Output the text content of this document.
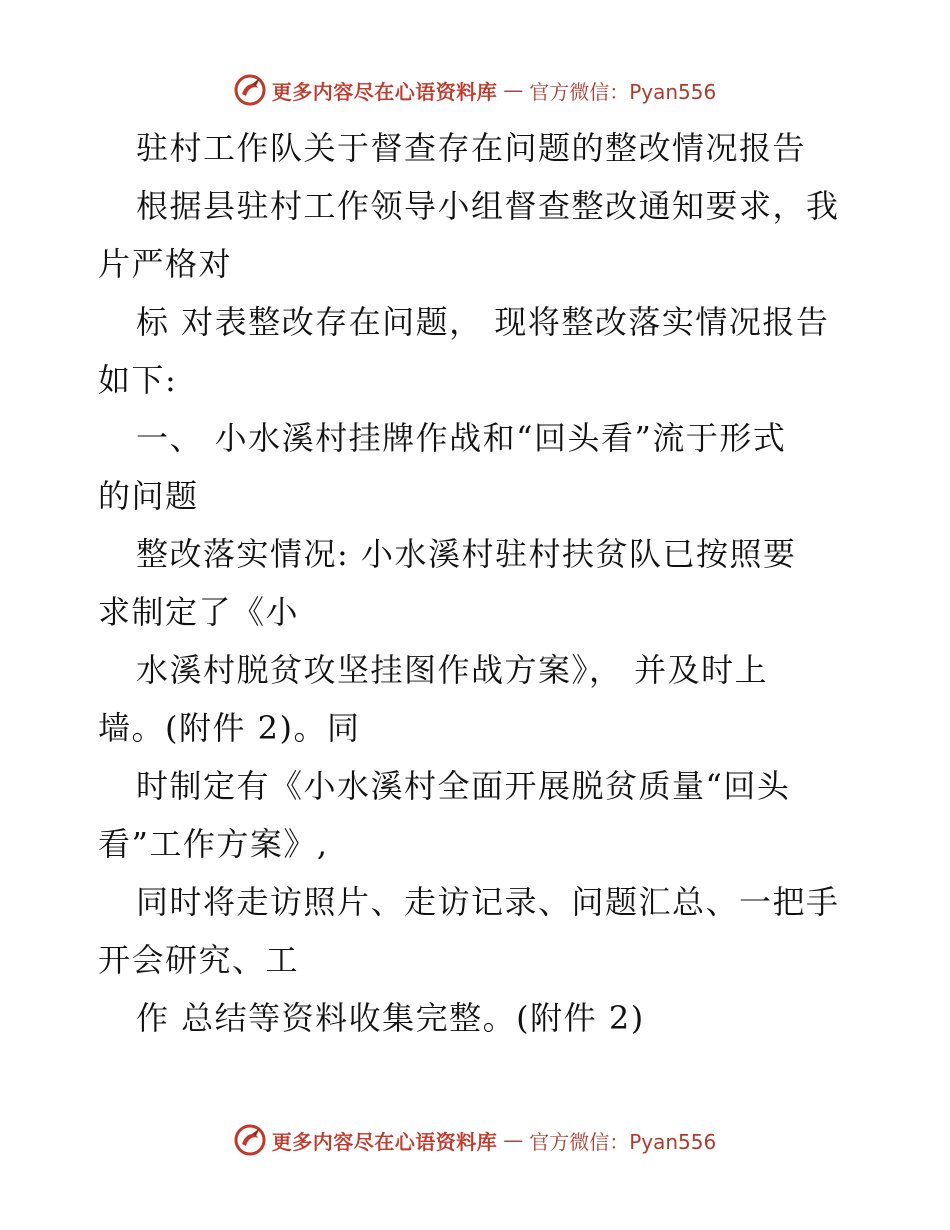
更多内容尽在心语资料库 — 官方微信：Pyan556
驻村工作队关于督查存在问题的整改情况报告
根据县驻村工作领导小组督查整改通知要求，我
片严格对
标 对表整改存在问题， 现将整改落实情况报告
如下:
一、 小水溪村挂牌作战和“回头看”流于形式
的问题
整改落实情况: 小水溪村驻村扶贫队已按照要
求制定了《小
水溪村脱贫攻坚挂图作战方案》， 并及时上
墙。(附件 2)。同
时制定有《小水溪村全面开展脱贫质量“回头
看”工作方案》,
同时将走访照片、走访记录、问题汇总、一把手
开会研究、工
作 总结等资料收集完整。(附件 2)
更多内容尽在心语资料库 — 官方微信：Pyan556
